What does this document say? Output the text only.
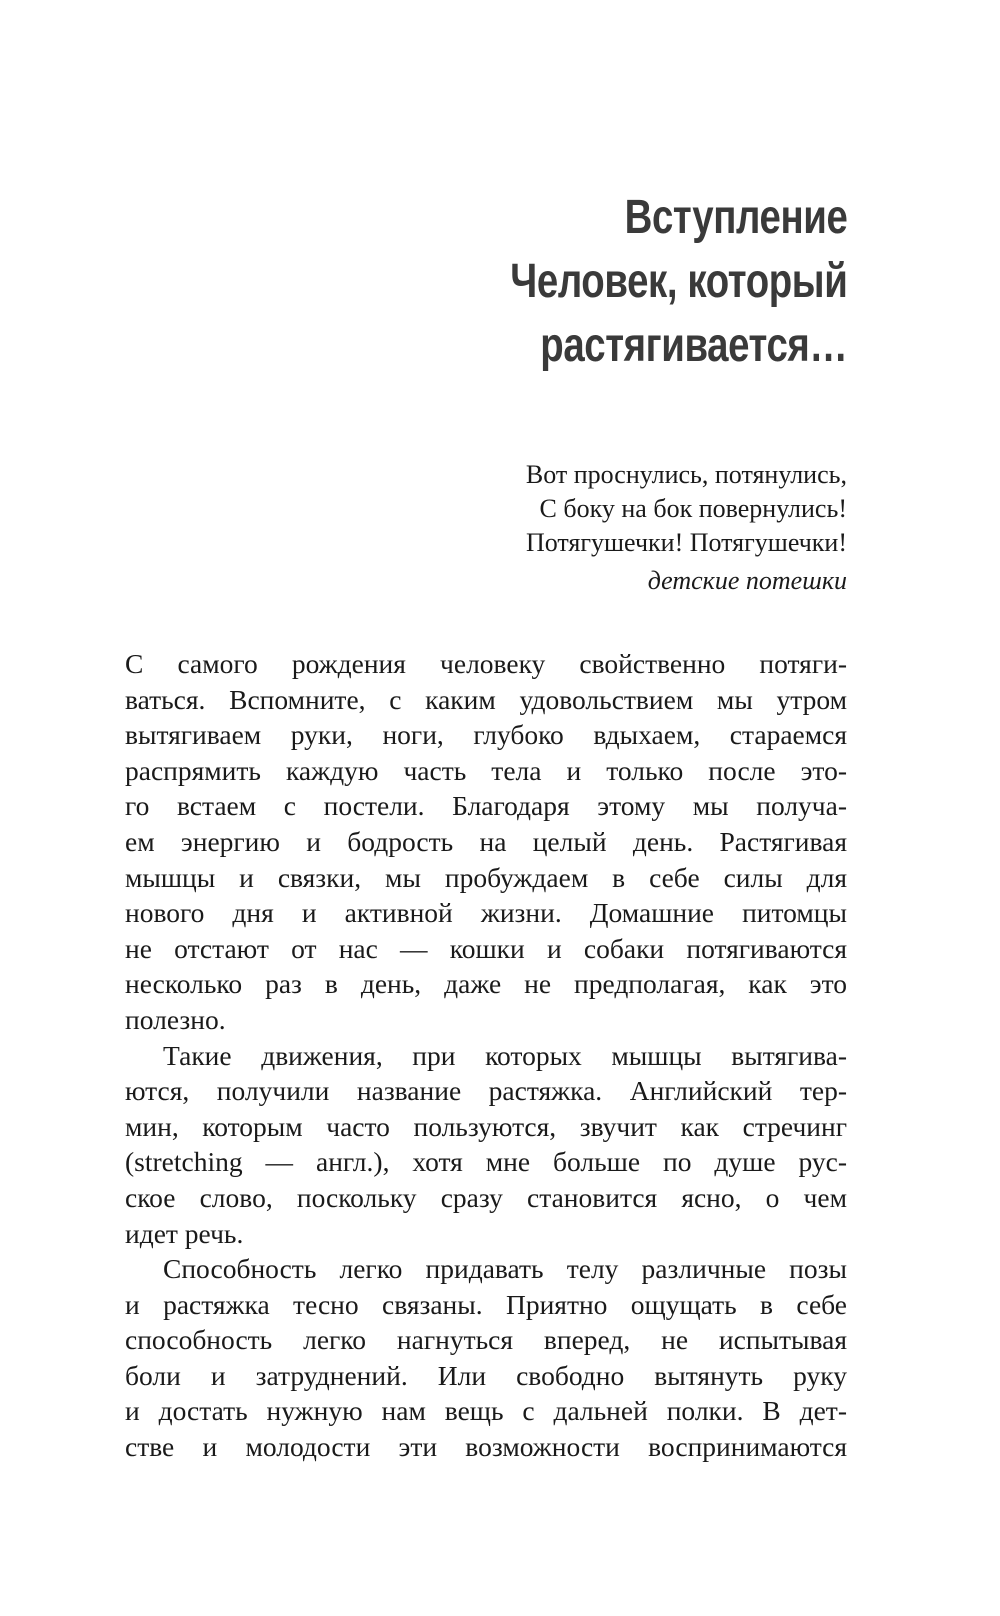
Вступление
Человек, который
растягивается…
Вот проснулись, потянулись,
С боку на бок повернулись!
Потягушечки! Потягушечки!
детские потешки
С самого рождения человеку свойственно потяги-
ваться. Вспомните, с каким удовольствием мы утром
вытягиваем руки, ноги, глубоко вдыхаем, стараемся
распрямить каждую часть тела и только после это-
го встаем с постели. Благодаря этому мы получа-
ем энергию и бодрость на целый день. Растягивая
мышцы и связки, мы пробуждаем в себе силы для
нового дня и активной жизни. Домашние питомцы
не отстают от нас — кошки и собаки потягиваются
несколько раз в день, даже не предполагая, как это
полезно.
Такие движения, при которых мышцы вытягива-
ются, получили название растяжка. Английский тер-
мин, которым часто пользуются, звучит как стречинг
(stretching — англ.), хотя мне больше по душе рус-
ское слово, поскольку сразу становится ясно, о чем
идет речь.
Способность легко придавать телу различные позы
и растяжка тесно связаны. Приятно ощущать в себе
способность легко нагнуться вперед, не испытывая
боли и затруднений. Или свободно вытянуть руку
и достать нужную нам вещь с дальней полки. В дет-
стве и молодости эти возможности воспринимаются
